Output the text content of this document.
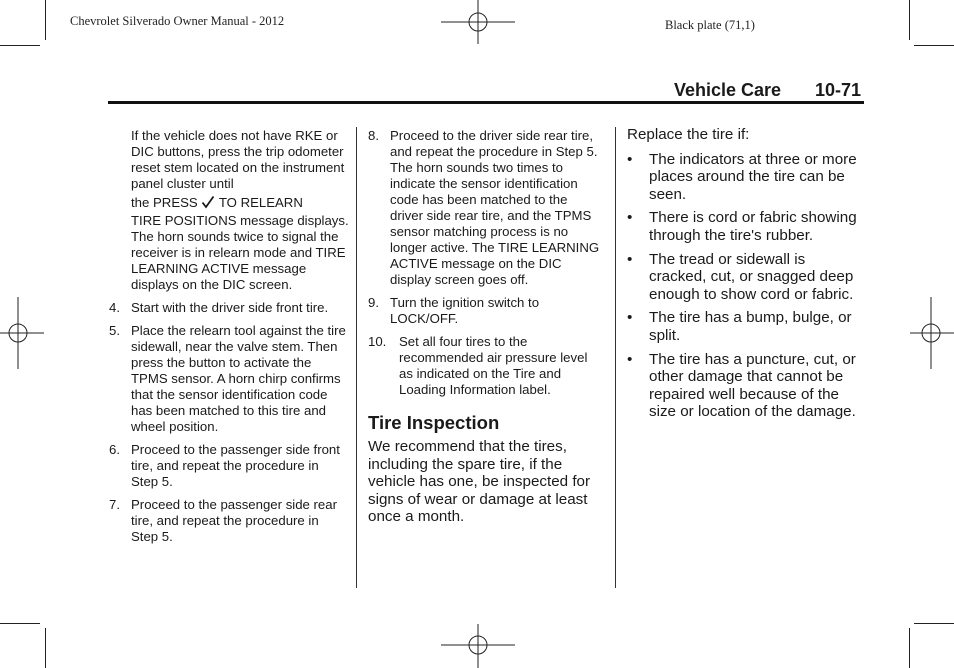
Chevrolet Silverado Owner Manual - 2012	Black plate (71,1)
Vehicle Care 10-71

If the vehicle does not have RKE or DIC buttons, press the trip odometer reset stem located on the instrument panel cluster until

the PRESS TO RELEARN

TIRE POSITIONS message displays. The horn sounds twice to signal the receiver is in relearn mode and TIRE LEARNING ACTIVE message displays on the DIC screen.

4. Start with the driver side front tire.

5. Place the relearn tool against the tire sidewall, near the valve stem. Then press the button to activate the TPMS sensor. A horn chirp confirms that the sensor identification code has been matched to this tire and wheel position.

6. Proceed to the passenger side front tire, and repeat the procedure in Step 5.

7. Proceed to the passenger side rear tire, and repeat the procedure in Step 5.

8. Proceed to the driver side rear tire, and repeat the procedure in Step 5. The horn sounds two times to indicate the sensor identification code has been matched to the driver side rear tire, and the TPMS sensor matching process is no longer active. The TIRE LEARNING ACTIVE message on the DIC display screen goes off.

9. Turn the ignition switch to LOCK/OFF.

10. Set all four tires to the recommended air pressure level as indicated on the Tire and Loading Information label.

Tire Inspection

We recommend that the tires, including the spare tire, if the vehicle has one, be inspected for signs of wear or damage at least once a month.

Replace the tire if:

• The indicators at three or more places around the tire can be seen.

• There is cord or fabric showing through the tire's rubber.

• The tread or sidewall is cracked, cut, or snagged deep enough to show cord or fabric.

• The tire has a bump, bulge, or split.

• The tire has a puncture, cut, or other damage that cannot be repaired well because of the size or location of the damage.
